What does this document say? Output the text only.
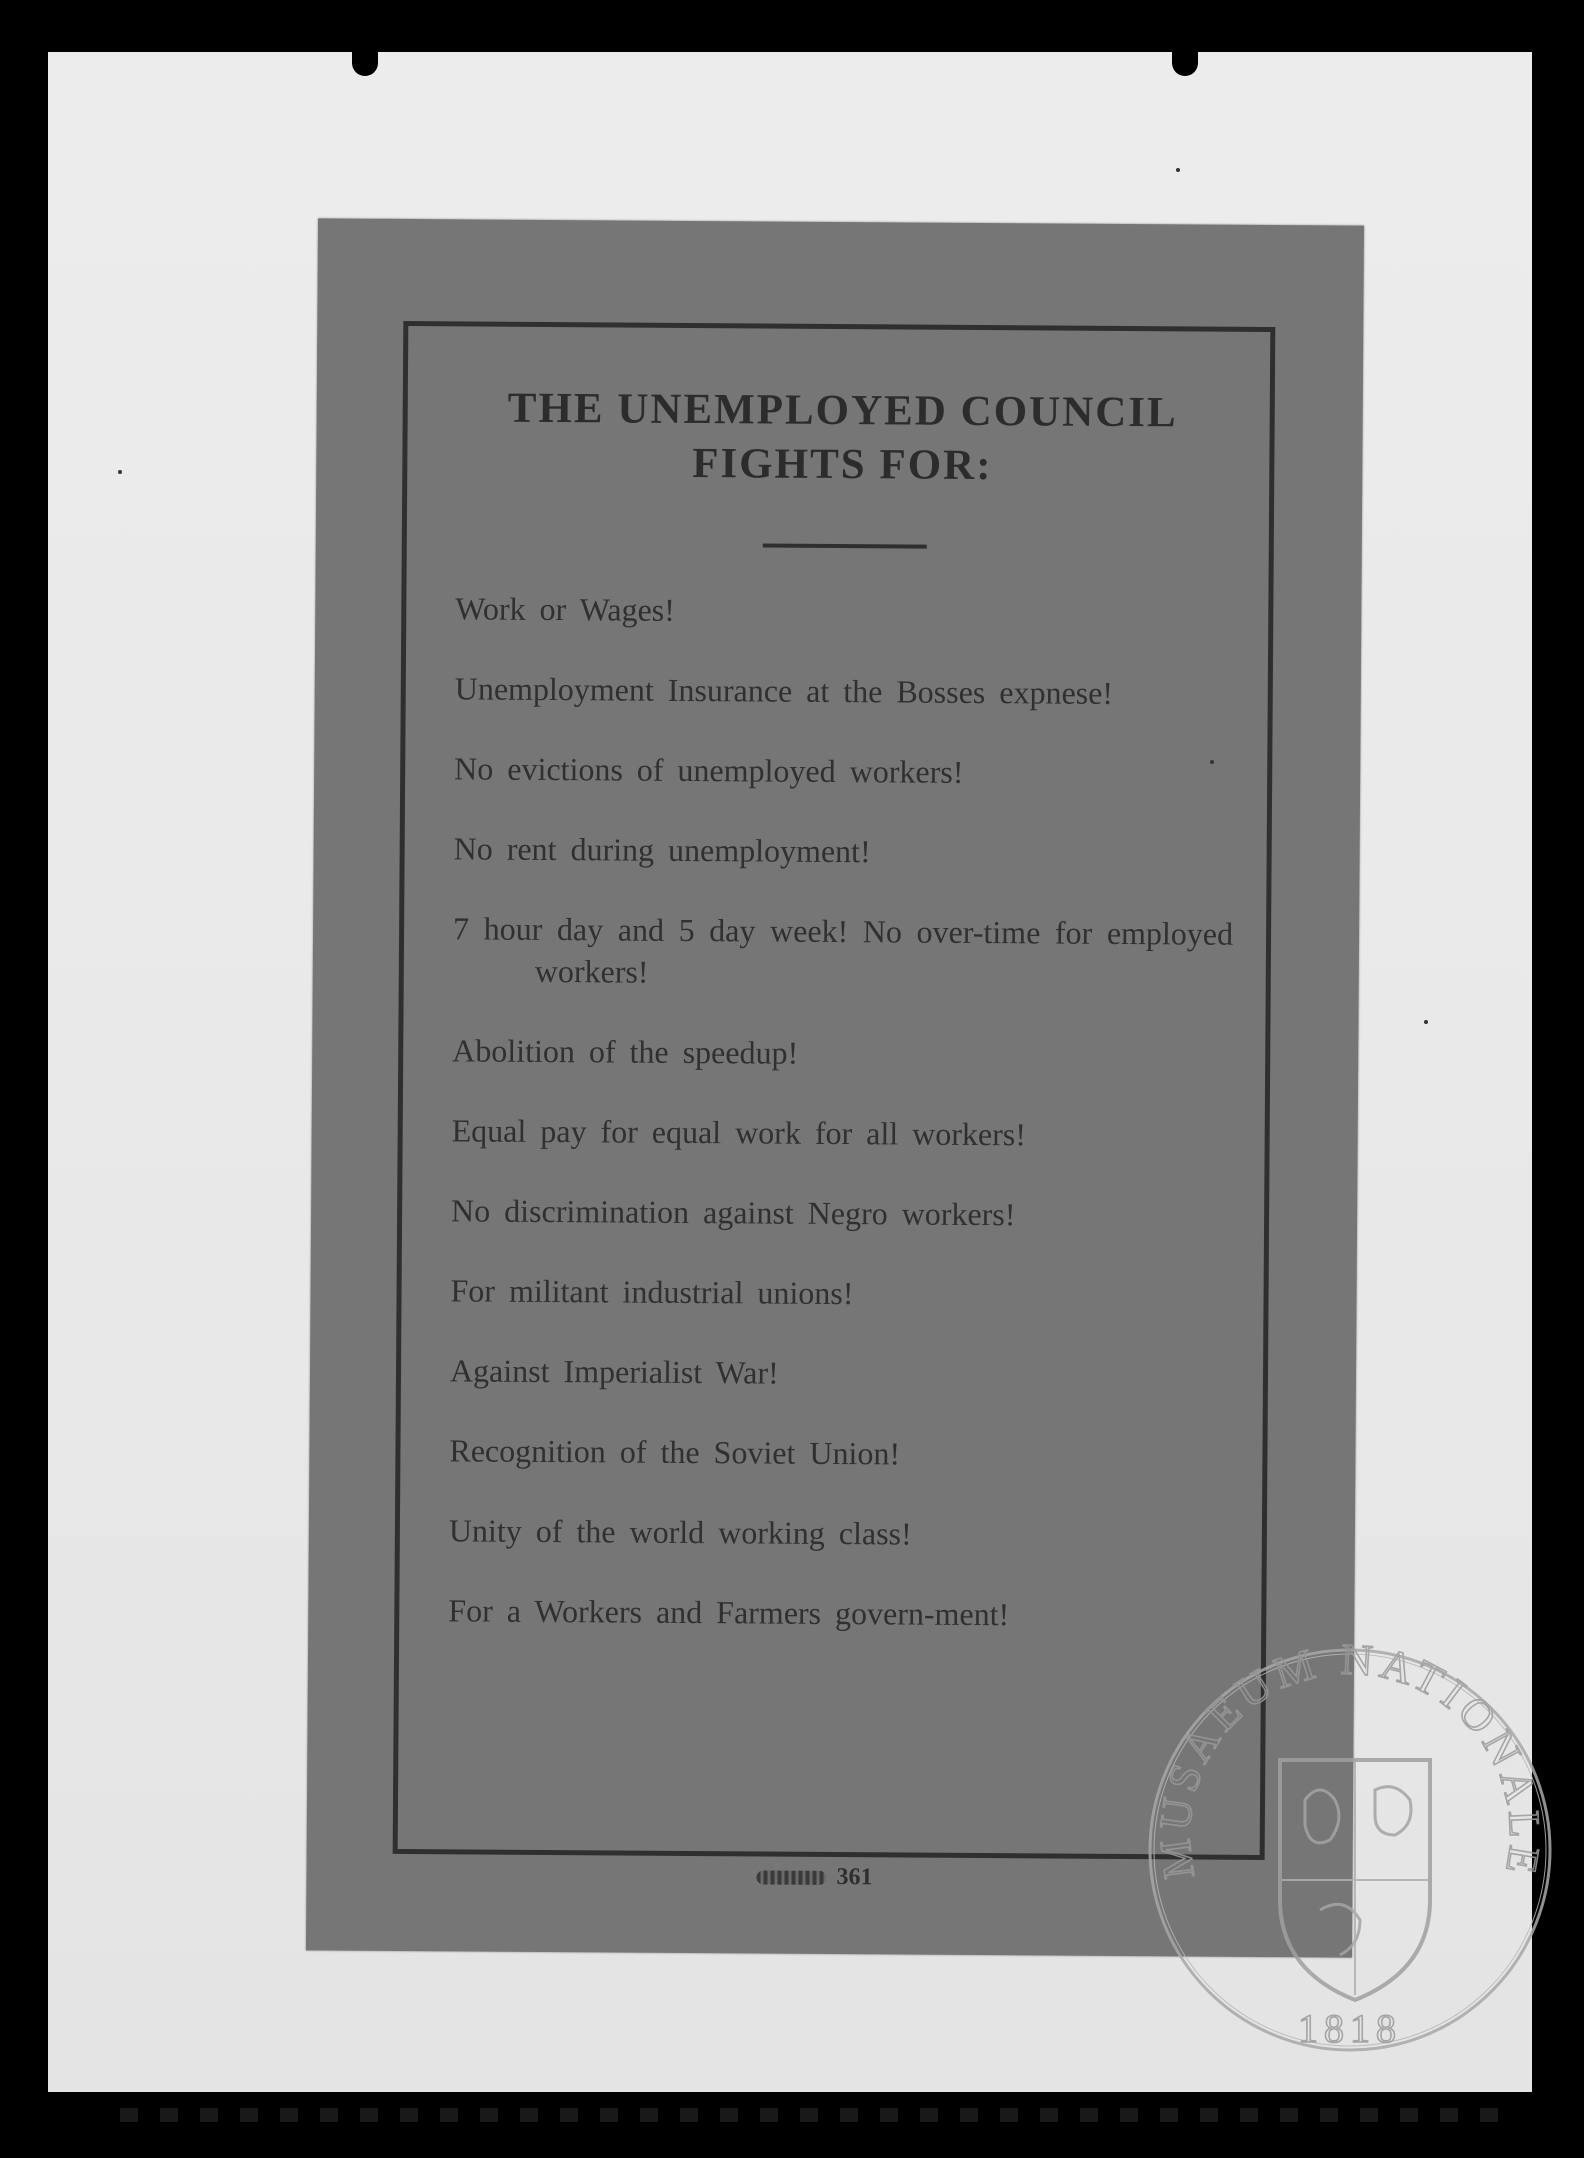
THE UNEMPLOYED COUNCIL
FIGHTS FOR:
Work or Wages!
Unemployment Insurance at the Bosses expnese!
No evictions of unemployed workers!
No rent during unemployment!
7 hour day and 5 day week! No over-time for employed workers!
Abolition of the speedup!
Equal pay for equal work for all workers!
No discrimination against Negro workers!
For militant industrial unions!
Against Imperialist War!
Recognition of the Soviet Union!
Unity of the world working class!
For a Workers and Farmers govern-ment!
361	MUSAEUM NATIONALE
1818
